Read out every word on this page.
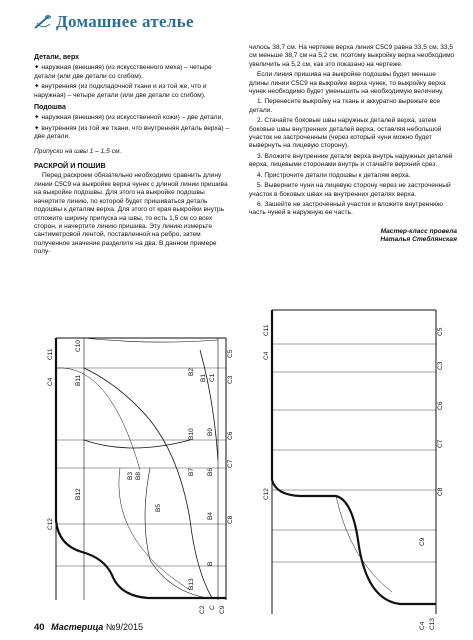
Домашнее ателье
Детали, верх

✦ наружная (внешняя) (из искусственного меха) – четыре детали (или две детали со сгибом),

✦ внутренняя (из подкладочной ткани и из той же, что и наружная) – четыре детали (или две детали со сгибом).

Подошва

✦ наружная (внешняя) (из искусственной кожи) – две детали,

✦ внутренняя (из той же ткани, что внутренняя деталь верха) – две детали.

Припуски на швы 1 – 1,5 см.

РАСКРОЙ И ПОШИВ

Перед раскроем обязательно необходимо сравнить длину линии С5С9 на выкройке верха чунек с длиной линии пришива на выкройке подошвы. Для этого на выкройке подошвы начертите линию, по которой будет пришиваться деталь подошвы к деталям верха. Для этого от края выкройки внутрь отложите ширину припуска на швы, то есть 1,5 см со всех сторон, и начертите линию пришива. Эту линию измерьте сантиметровой лентой, поставленной на ребро, затем полученное значение разделите на два. В данном примере полу-

чилось 38,7 см. На чертеже верха линия С5С9 равна 33,5 см. 33,5 см меньше 38,7 см на 5,2 см, поэтому выкройку верха необходимо увеличить на 5,2 см, как это показано на чертеже.

Если линия пришива на выкройке подошвы будет меньше длины линии С5С9 на выкройке верха чунек, то выкройку верха чунек необходимо будет уменьшить на необходимую величину.

1. Перенесите выкройку на ткань и аккуратно вырежьте все детали.

2. Стачайте боковые швы наружных деталей верха, затем боковые швы внутренних деталей верха, оставляя небольшой участок не застроченным (через который чуни можно будет вывернуть на лицевую сторону).

3. Вложите внутренние детали верха внутрь наружных деталей верха, лицевыми сторонами внутрь и стачайте верхний срез.

4. Пристрочите детали подошвы к деталям верха.

5. Выверните чуни на лицевую сторону через не застроченный участок в боковых швах на внутренних деталях верха.

6. Зашейте не застроченный участок и вложите внутреннюю часть чуней в наружную ее часть.

Мастер-класс провела
Наталья Стеблянская
C11
C10
C4	B11
C5
C1
B1	C3
B2
B10 B9 C6
B3 B8
B7 B6
C7
B12
B5
B4 C8
C12
B13
B
C2 C C9
C11
C4
C5
C3
C6
C7
C8
C12
C9
C4 C13
40 Мастерица №9/2015
